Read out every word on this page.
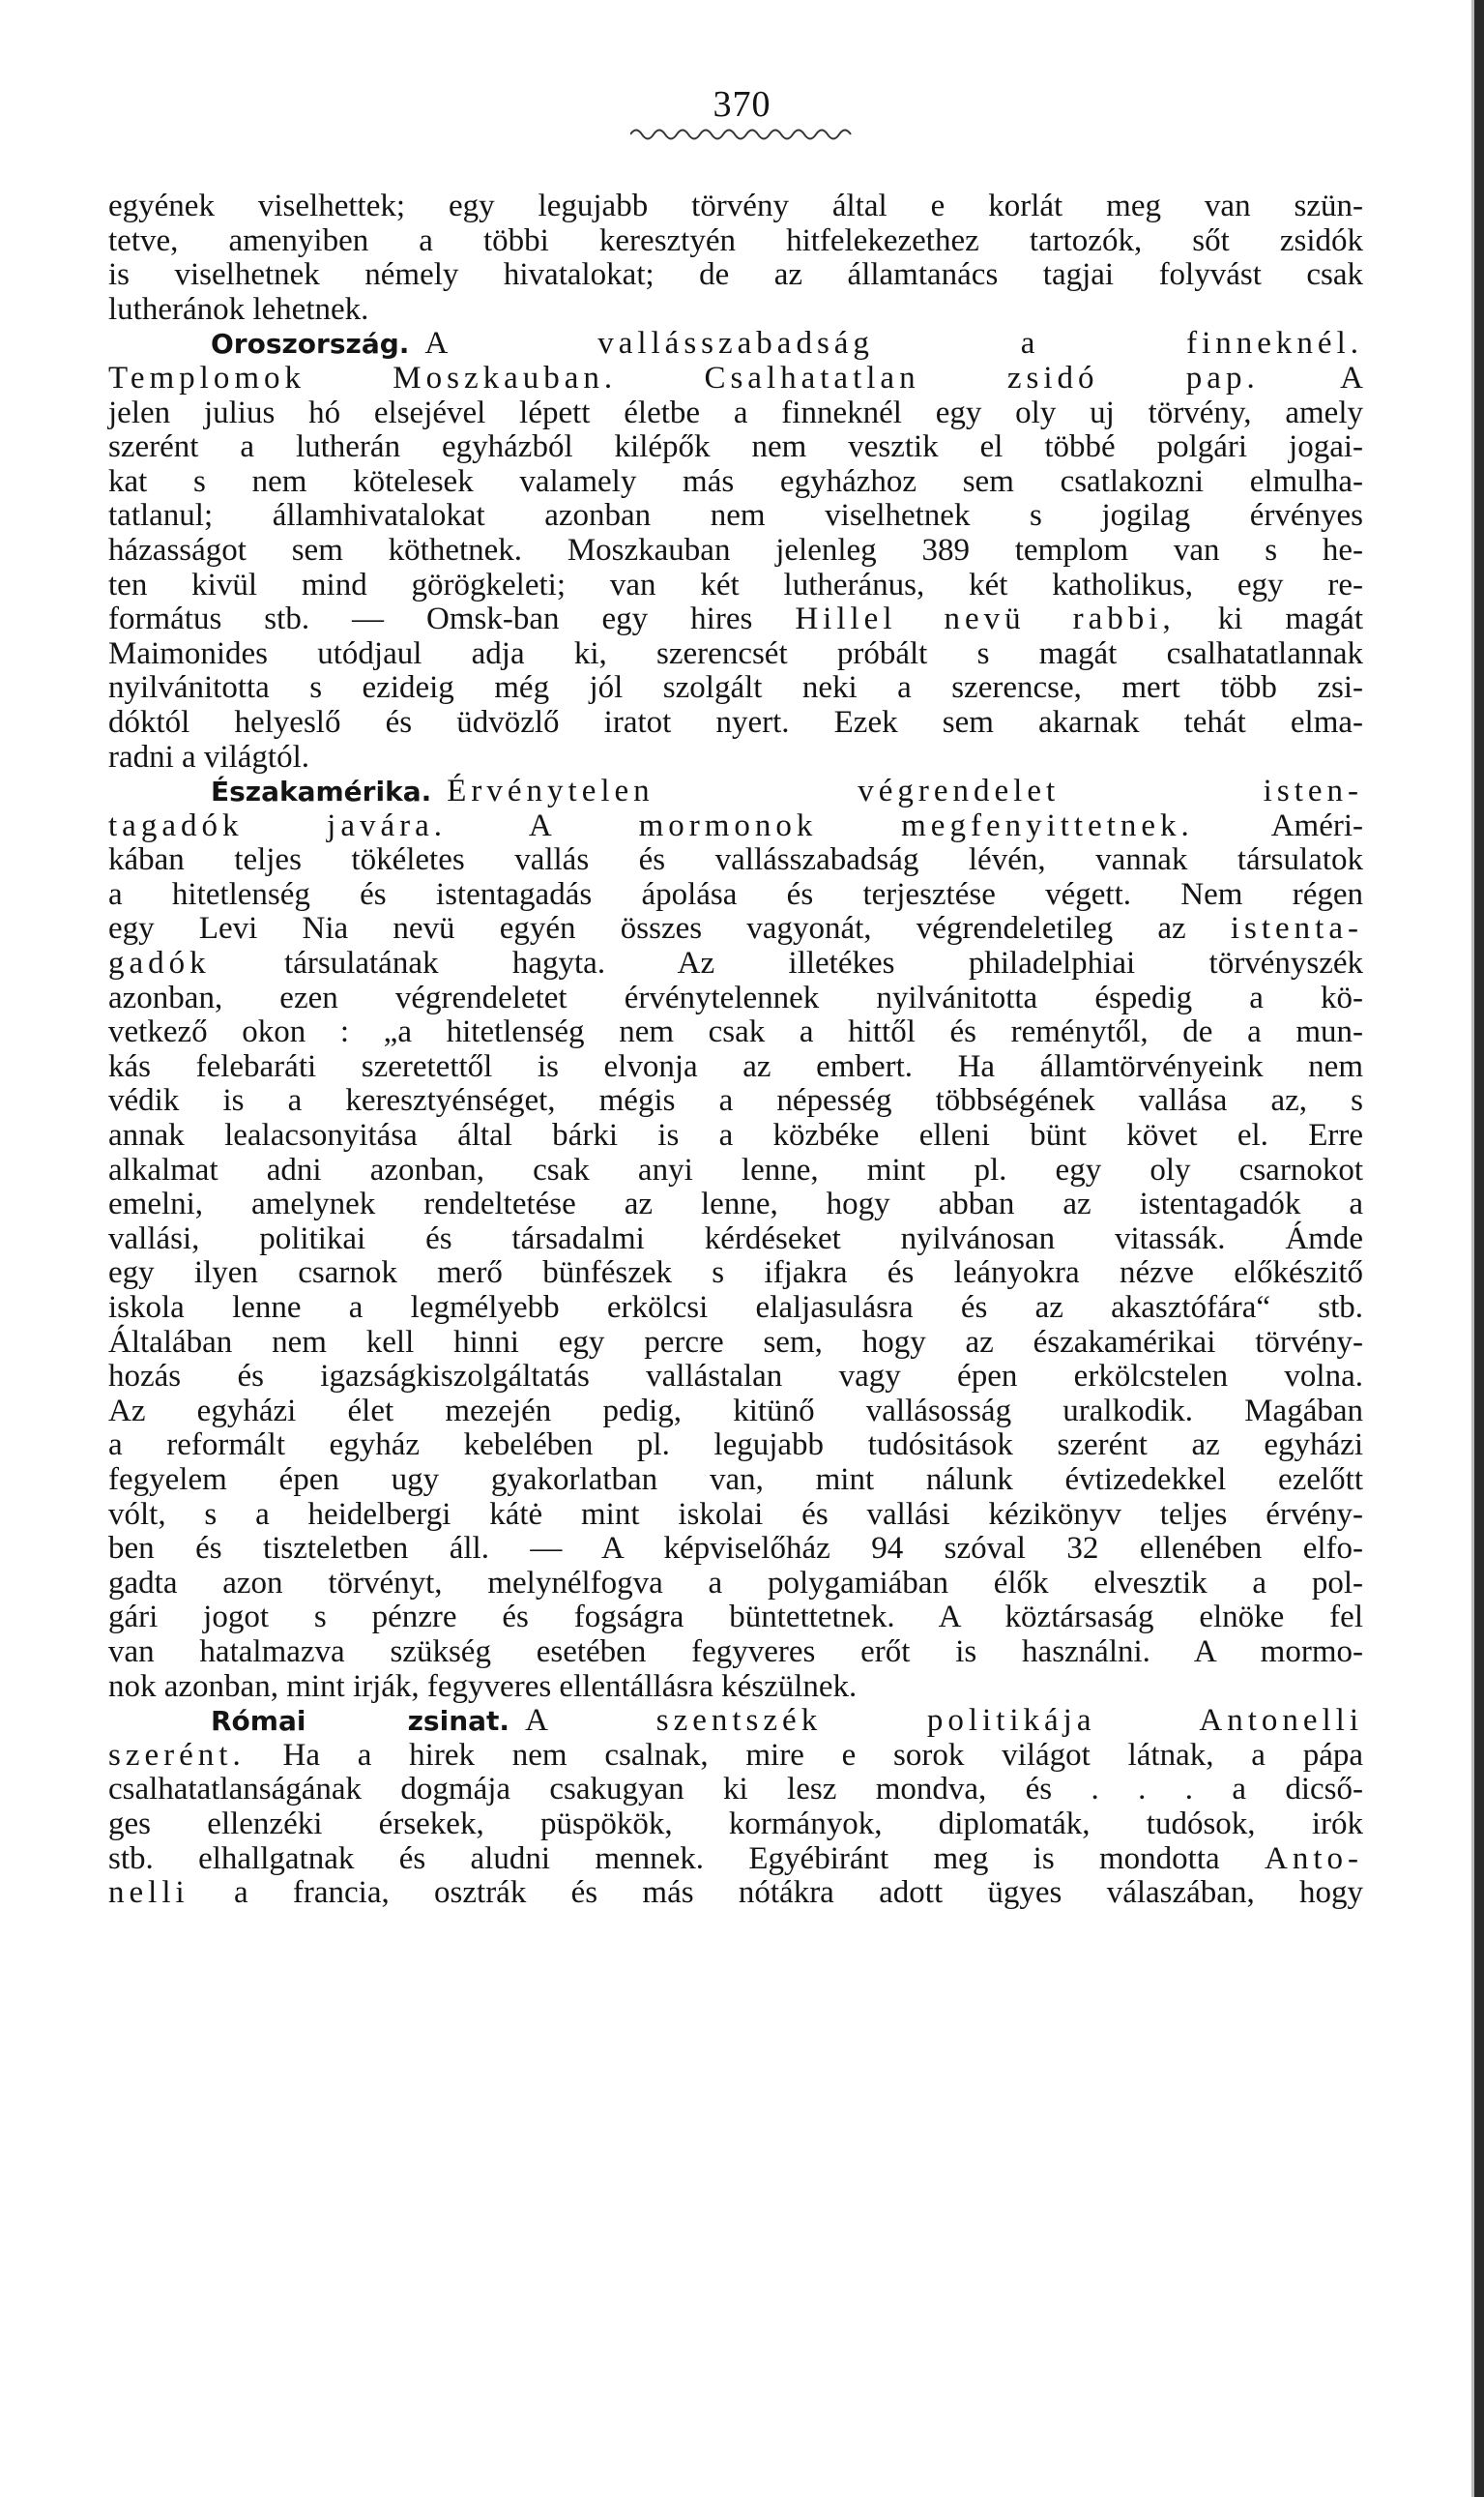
370
egyének viselhettek; egy legujabb törvény által e korlát meg van szün-
tetve, amenyiben a többi keresztyén hitfelekezethez tartozók, sőt zsidók
is viselhetnek némely hivatalokat; de az államtanács tagjai folyvást csak
lutheránok lehetnek.
Oroszország. A vallásszabadság a finneknél.
Templomok Moszkauban. Csalhatatlan zsidó pap. A
jelen julius hó elsejével lépett életbe a finneknél egy oly uj törvény, amely
szerént a lutherán egyházból kilépők nem vesztik el többé polgári jogai-
kat s nem kötelesek valamely más egyházhoz sem csatlakozni elmulha-
tatlanul; államhivatalokat azonban nem viselhetnek s jogilag érvényes
házasságot sem köthetnek. Moszkauban jelenleg 389 templom van s he-
ten kivül mind görögkeleti; van két lutheránus, két katholikus, egy re-
formátus stb. — Omsk-ban egy hires Hillel nevü rabbi, ki magát
Maimonides utódjaul adja ki, szerencsét próbált s magát csalhatatlannak
nyilvánitotta s ezideig még jól szolgált neki a szerencse, mert több zsi-
dóktól helyeslő és üdvözlő iratot nyert. Ezek sem akarnak tehát elma-
radni a világtól.
Északamérika. Érvénytelen végrendelet isten-
tagadók javára. A mormonok megfenyittetnek. Améri-
kában teljes tökéletes vallás és vallásszabadság lévén, vannak társulatok
a hitetlenség és istentagadás ápolása és terjesztése végett. Nem régen
egy Levi Nia nevü egyén összes vagyonát, végrendeletileg az istenta-
gadók társulatának hagyta. Az illetékes philadelphiai törvényszék
azonban, ezen végrendeletet érvénytelennek nyilvánitotta éspedig a kö-
vetkező okon : „a hitetlenség nem csak a hittől és reménytől, de a mun-
kás felebaráti szeretettől is elvonja az embert. Ha államtörvényeink nem
védik is a keresztyénséget, mégis a népesség többségének vallása az, s
annak lealacsonyitása által bárki is a közbéke elleni bünt követ el. Erre
alkalmat adni azonban, csak anyi lenne, mint pl. egy oly csarnokot
emelni, amelynek rendeltetése az lenne, hogy abban az istentagadók a
vallási, politikai és társadalmi kérdéseket nyilvánosan vitassák. Ámde
egy ilyen csarnok merő bünfészek s ifjakra és leányokra nézve előkészitő
iskola lenne a legmélyebb erkölcsi elaljasulásra és az akasztófára“ stb.
Általában nem kell hinni egy percre sem, hogy az északamérikai törvény-
hozás és igazságkiszolgáltatás vallástalan vagy épen erkölcstelen volna.
Az egyházi élet mezején pedig, kitünő vallásosság uralkodik. Magában
a reformált egyház kebelében pl. legujabb tudósitások szerént az egyházi
fegyelem épen ugy gyakorlatban van, mint nálunk évtizedekkel ezelőtt
vólt, s a heidelbergi kátė mint iskolai és vallási kézikönyv teljes érvény-
ben és tiszteletben áll. — A képviselőház 94 szóval 32 ellenében elfo-
gadta azon törvényt, melynélfogva a polygamiában élők elvesztik a pol-
gári jogot s pénzre és fogságra büntettetnek. A köztársaság elnöke fel
van hatalmazva szükség esetében fegyveres erőt is használni. A mormo-
nok azonban, mint irják, fegyveres ellentállásra készülnek.
Római zsinat. A szentszék politikája Antonelli
szerént. Ha a hirek nem csalnak, mire e sorok világot látnak, a pápa
csalhatatlanságának dogmája csakugyan ki lesz mondva, és . . . a dicső-
ges ellenzéki érsekek, püspökök, kormányok, diplomaták, tudósok, irók
stb. elhallgatnak és aludni mennek. Egyébiránt meg is mondotta Anto-
nelli a francia, osztrák és más nótákra adott ügyes válaszában, hogy
